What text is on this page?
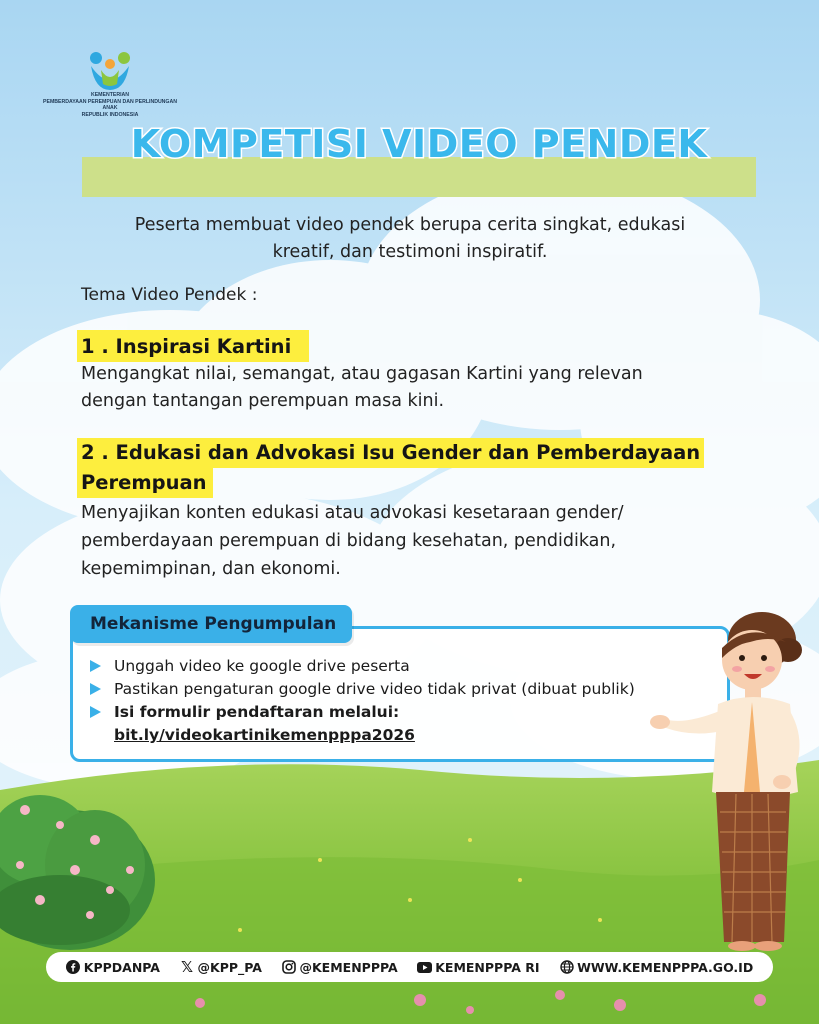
KEMENTERIAN
PEMBERDAYAAN PEREMPUAN DAN PERLINDUNGAN ANAK
REPUBLIK INDONESIA
KOMPETISI VIDEO PENDEK
Peserta membuat video pendek berupa cerita singkat, edukasi
kreatif, dan testimoni inspiratif.
Tema Video Pendek :
1 . Inspirasi Kartini
Mengangkat nilai, semangat, atau gagasan Kartini yang relevan
dengan tantangan perempuan masa kini.
2 . Edukasi dan Advokasi Isu Gender dan Pemberdayaan
Perempuan
Menyajikan konten edukasi atau advokasi kesetaraan gender/
pemberdayaan perempuan di bidang kesehatan, pendidikan,
kepemimpinan, dan ekonomi.
Mekanisme Pengumpulan
Unggah video ke google drive peserta
Pastikan pengaturan google drive video tidak privat (dibuat publik)
Isi formulir pendaftaran melalui:
bit.ly/videokartinikemenpppa2026
KPPDANPA 𝕏 @KPP_PA	@KEMENPPPA	KEMENPPPA RI	WWW.KEMENPPPA.GO.ID
